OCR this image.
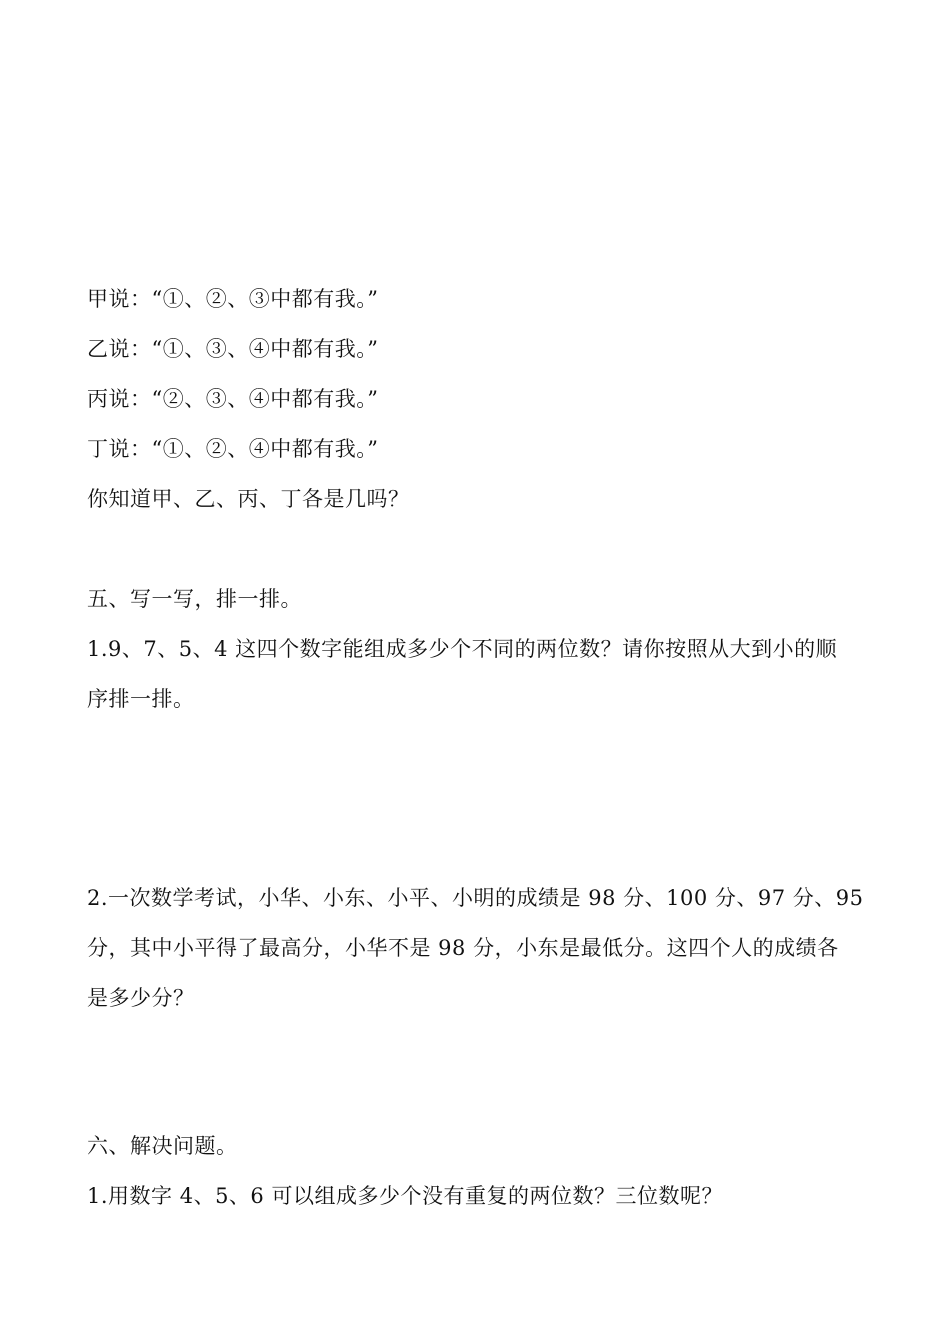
甲说：“①、②、③中都有我。”
乙说：“①、③、④中都有我。”
丙说：“②、③、④中都有我。”
丁说：“①、②、④中都有我。”
你知道甲、乙、丙、丁各是几吗？
五、写一写，排一排。
1.9、7、5、4 这四个数字能组成多少个不同的两位数？请你按照从大到小的顺
序排一排。
2.一次数学考试，小华、小东、小平、小明的成绩是 98 分、100 分、97 分、95
分，其中小平得了最高分，小华不是 98 分，小东是最低分。这四个人的成绩各
是多少分？
六、解决问题。
1.用数字 4、5、6 可以组成多少个没有重复的两位数？三位数呢？
